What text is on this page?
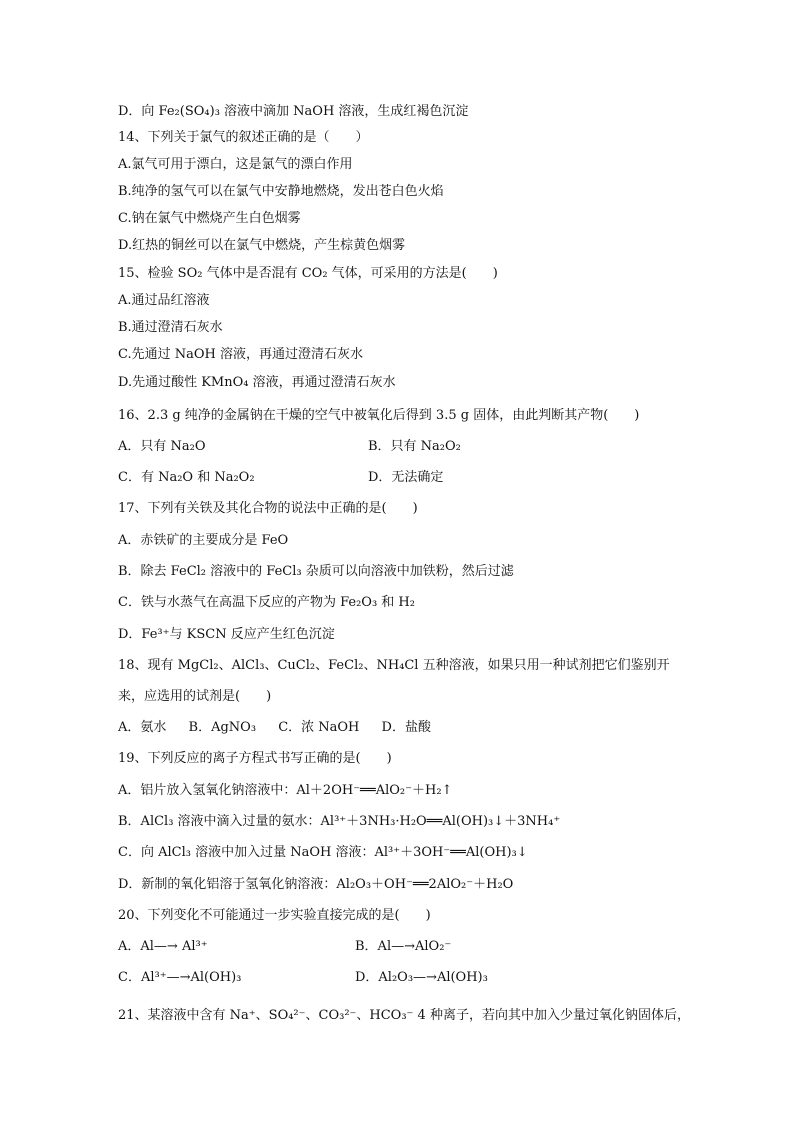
D．向 Fe₂(SO₄)₃ 溶液中滴加 NaOH 溶液，生成红褐色沉淀
14、下列关于氯气的叙述正确的是（　　）
A.氯气可用于漂白，这是氯气的漂白作用
B.纯净的氢气可以在氯气中安静地燃烧，发出苍白色火焰
C.钠在氯气中燃烧产生白色烟雾
D.红热的铜丝可以在氯气中燃烧，产生棕黄色烟雾
15、检验 SO₂ 气体中是否混有 CO₂ 气体，可采用的方法是(　　)
A.通过品红溶液
B.通过澄清石灰水
C.先通过 NaOH 溶液，再通过澄清石灰水
D.先通过酸性 KMnO₄ 溶液，再通过澄清石灰水
16、2.3 g 纯净的金属钠在干燥的空气中被氧化后得到 3.5 g 固体，由此判断其产物(　　)
A．只有 Na₂O	B．只有 Na₂O₂
C．有 Na₂O 和 Na₂O₂	D．无法确定
17、下列有关铁及其化合物的说法中正确的是(　　)
A．赤铁矿的主要成分是 FeO
B．除去 FeCl₂ 溶液中的 FeCl₃ 杂质可以向溶液中加铁粉，然后过滤
C．铁与水蒸气在高温下反应的产物为 Fe₂O₃ 和 H₂
D．Fe³⁺与 KSCN 反应产生红色沉淀
18、现有 MgCl₂、AlCl₃、CuCl₂、FeCl₂、NH₄Cl 五种溶液，如果只用一种试剂把它们鉴别开
来，应选用的试剂是(　　)
A．氨水 B．AgNO₃ C．浓 NaOH D．盐酸
19、下列反应的离子方程式书写正确的是(　　)
A．铝片放入氢氧化钠溶液中：Al＋2OH⁻══AlO₂⁻＋H₂↑
B．AlCl₃ 溶液中滴入过量的氨水：Al³⁺＋3NH₃·H₂O══Al(OH)₃↓＋3NH₄⁺
C．向 AlCl₃ 溶液中加入过量 NaOH 溶液：Al³⁺＋3OH⁻══Al(OH)₃↓
D．新制的氧化铝溶于氢氧化钠溶液：Al₂O₃＋OH⁻══2AlO₂⁻＋H₂O
20、下列变化不可能通过一步实验直接完成的是(　　)
A．Al—→ Al³⁺	B．Al—→AlO₂⁻
C．Al³⁺—→Al(OH)₃	D．Al₂O₃—→Al(OH)₃
21、某溶液中含有 Na⁺、SO₄²⁻、CO₃²⁻、HCO₃⁻ 4 种离子，若向其中加入少量过氧化钠固体后，
